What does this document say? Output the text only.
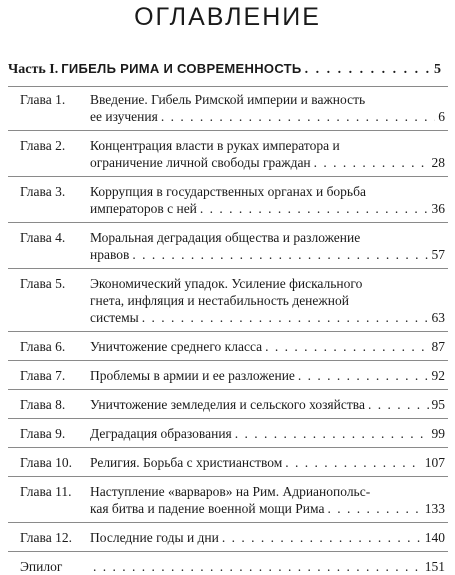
ОГЛАВЛЕНИЕ
Часть I. ГИБЕЛЬ РИМА И СОВРЕМЕННОСТЬ . . .	5
Глава 1.	Введение. Гибель Римской империи и важность
ее изучения . . .	6
Глава 2.	Концентрация власти в руках императора и
ограничение личной свободы граждан . . .	28
Глава 3.	Коррупция в государственных органах и борьба
императоров с ней . . .	36
Глава 4.	Моральная деградация общества и разложение
нравов . . .	57
Глава 5.	Экономический упадок. Усиление фискального
гнета, инфляция и нестабильность денежной
системы . . .	63
Глава 6.	Уничтожение среднего класса . . .	87
Глава 7.	Проблемы в армии и ее разложение . . .	92
Глава 8.	Уничтожение земледелия и сельского хозяйства . . .	95
Глава 9.	Деградация образования . . .	99
Глава 10.	Религия. Борьба с христианством . . .	107
Глава 11.	Наступление «варваров» на Рим. Адрианопольс-
кая битва и падение военной мощи Рима . . .	133
Глава 12.	Последние годы и дни . . .	140
Эпилог . . .	151
